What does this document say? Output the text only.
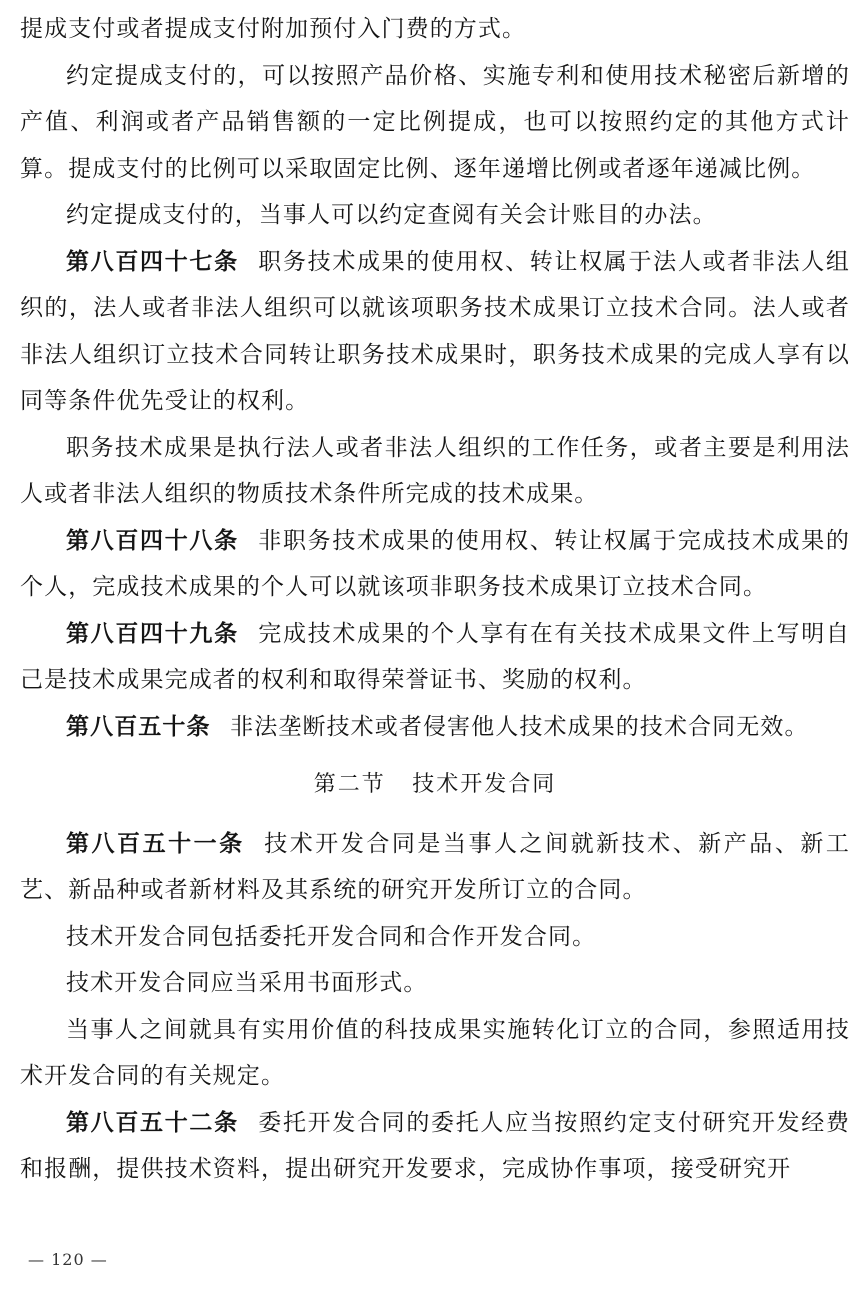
提成支付或者提成支付附加预付入门费的方式。

约定提成支付的，可以按照产品价格、实施专利和使用技术秘密后新增的产值、利润或者产品销售额的一定比例提成，也可以按照约定的其他方式计算。提成支付的比例可以采取固定比例、逐年递增比例或者逐年递减比例。

约定提成支付的，当事人可以约定查阅有关会计账目的办法。

第八百四十七条 职务技术成果的使用权、转让权属于法人或者非法人组织的，法人或者非法人组织可以就该项职务技术成果订立技术合同。法人或者非法人组织订立技术合同转让职务技术成果时，职务技术成果的完成人享有以同等条件优先受让的权利。

职务技术成果是执行法人或者非法人组织的工作任务，或者主要是利用法人或者非法人组织的物质技术条件所完成的技术成果。

第八百四十八条 非职务技术成果的使用权、转让权属于完成技术成果的个人，完成技术成果的个人可以就该项非职务技术成果订立技术合同。

第八百四十九条 完成技术成果的个人享有在有关技术成果文件上写明自己是技术成果完成者的权利和取得荣誉证书、奖励的权利。

第八百五十条 非法垄断技术或者侵害他人技术成果的技术合同无效。

第二节 技术开发合同

第八百五十一条 技术开发合同是当事人之间就新技术、新产品、新工艺、新品种或者新材料及其系统的研究开发所订立的合同。

技术开发合同包括委托开发合同和合作开发合同。

技术开发合同应当采用书面形式。

当事人之间就具有实用价值的科技成果实施转化订立的合同，参照适用技术开发合同的有关规定。

第八百五十二条 委托开发合同的委托人应当按照约定支付研究开发经费和报酬，提供技术资料，提出研究开发要求，完成协作事项，接受研究开

— 120 —
